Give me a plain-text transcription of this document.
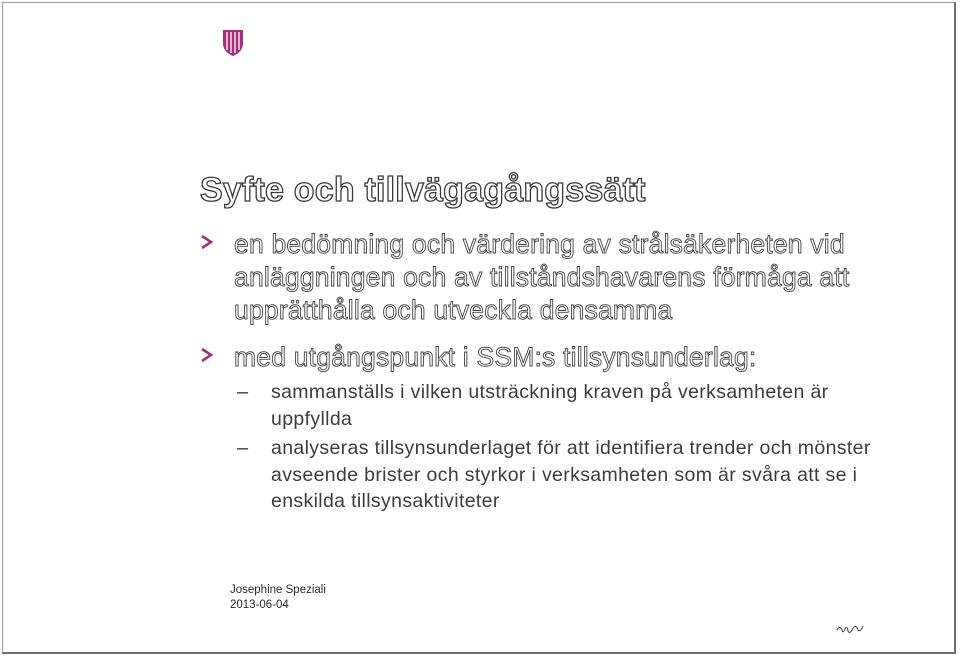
Syfte och tillvägagångssätt
en bedömning och värdering av strålsäkerheten vid anläggningen och av tillståndshavarens förmåga att upprätthålla och utveckla densamma
med utgångspunkt i SSM:s tillsynsunderlag:
– sammanställs i vilken utsträckning kraven på verksamheten är uppfyllda
– analyseras tillsynsunderlaget för att identifiera trender och mönster avseende brister och styrkor i verksamheten som är svåra att se i enskilda tillsynsaktiviteter
Josephine Speziali
2013-06-04
